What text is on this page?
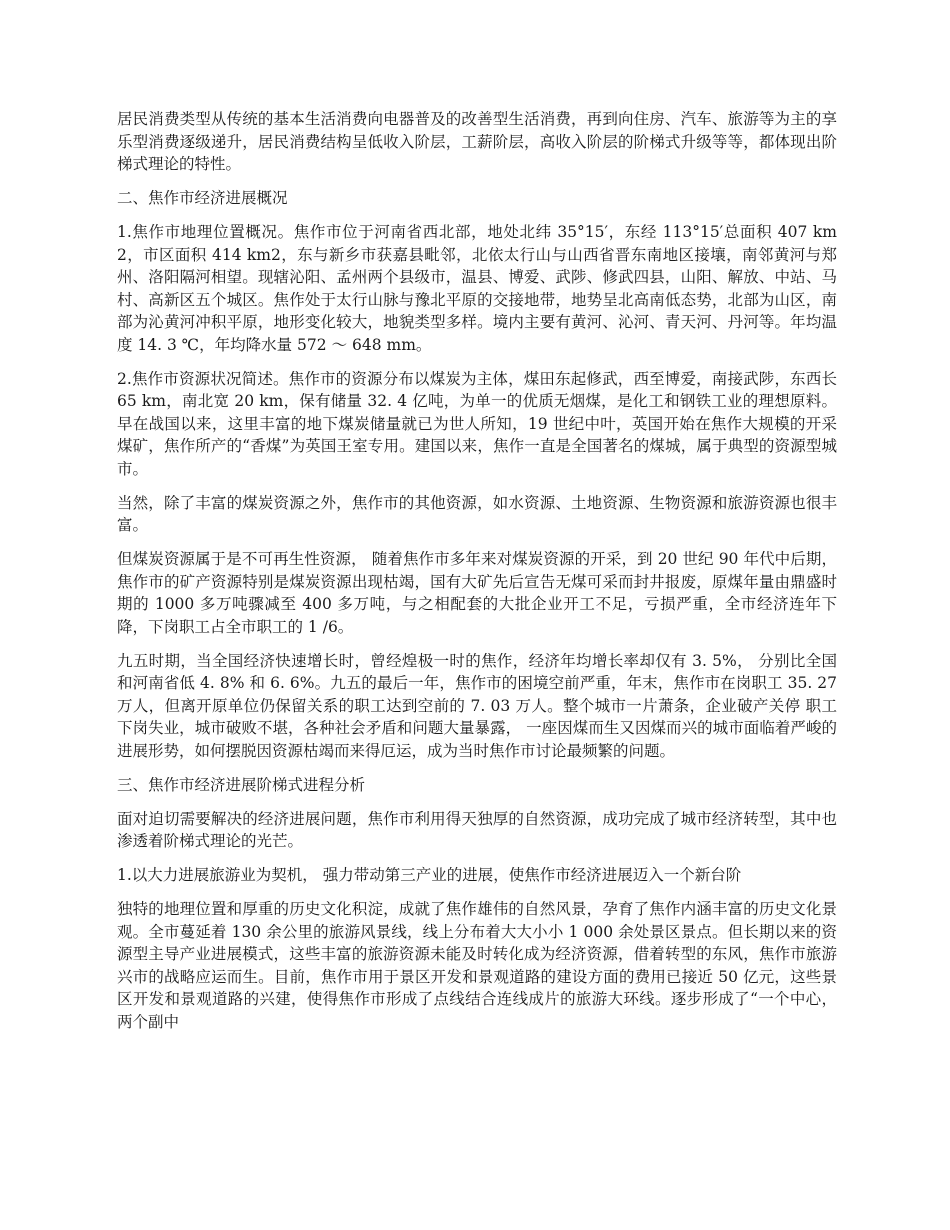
居民消费类型从传统的基本生活消费向电器普及的改善型生活消费，再到向住房、汽车、旅游等为主的享乐型消费逐级递升，居民消费结构呈低收入阶层，工薪阶层，高收入阶层的阶梯式升级等等，都体现出阶梯式理论的特性。

二、焦作市经济进展概况

1.焦作市地理位置概况。焦作市位于河南省西北部，地处北纬 35°15′，东经 113°15′总面积 407 km2，市区面积 414 km2，东与新乡市获嘉县毗邻，北依太行山与山西省晋东南地区接壤，南邻黄河与郑州、洛阳隔河相望。现辖沁阳、孟州两个县级市，温县、博爱、武陟、修武四县，山阳、解放、中站、马村、高新区五个城区。焦作处于太行山脉与豫北平原的交接地带，地势呈北高南低态势，北部为山区，南部为沁黄河冲积平原，地形变化较大，地貌类型多样。境内主要有黄河、沁河、青天河、丹河等。年均温度 14. 3 ℃，年均降水量 572 ～ 648 mm。

2.焦作市资源状况简述。焦作市的资源分布以煤炭为主体，煤田东起修武，西至博爱，南接武陟，东西长 65 km，南北宽 20 km，保有储量 32. 4 亿吨，为单一的优质无烟煤，是化工和钢铁工业的理想原料。早在战国以来，这里丰富的地下煤炭储量就已为世人所知，19 世纪中叶，英国开始在焦作大规模的开采煤矿，焦作所产的“香煤”为英国王室专用。建国以来，焦作一直是全国著名的煤城，属于典型的资源型城市。

当然，除了丰富的煤炭资源之外，焦作市的其他资源，如水资源、土地资源、生物资源和旅游资源也很丰富。

但煤炭资源属于是不可再生性资源， 随着焦作市多年来对煤炭资源的开采，到 20 世纪 90 年代中后期，焦作市的矿产资源特别是煤炭资源出现枯竭，国有大矿先后宣告无煤可采而封井报废，原煤年量由鼎盛时期的 1000 多万吨骤减至 400 多万吨，与之相配套的大批企业开工不足，亏损严重，全市经济连年下降，下岗职工占全市职工的 1 /6。

九五时期，当全国经济快速增长时，曾经煌极一时的焦作，经济年均增长率却仅有 3. 5%， 分别比全国和河南省低 4. 8% 和 6. 6%。九五的最后一年，焦作市的困境空前严重，年末，焦作市在岗职工 35. 27 万人，但离开原单位仍保留关系的职工达到空前的 7. 03 万人。整个城市一片萧条，企业破产关停 职工下岗失业，城市破败不堪，各种社会矛盾和问题大量暴露， 一座因煤而生又因煤而兴的城市面临着严峻的进展形势，如何摆脱因资源枯竭而来得厄运，成为当时焦作市讨论最频繁的问题。

三、焦作市经济进展阶梯式进程分析

面对迫切需要解决的经济进展问题，焦作市利用得天独厚的自然资源，成功完成了城市经济转型，其中也渗透着阶梯式理论的光芒。

1.以大力进展旅游业为契机， 强力带动第三产业的进展，使焦作市经济进展迈入一个新台阶

独特的地理位置和厚重的历史文化积淀，成就了焦作雄伟的自然风景，孕育了焦作内涵丰富的历史文化景观。全市蔓延着 130 余公里的旅游风景线，线上分布着大大小小 1 000 余处景区景点。但长期以来的资源型主导产业进展模式，这些丰富的旅游资源未能及时转化成为经济资源，借着转型的东风，焦作市旅游兴市的战略应运而生。目前，焦作市用于景区开发和景观道路的建设方面的费用已接近 50 亿元，这些景区开发和景观道路的兴建，使得焦作市形成了点线结合连线成片的旅游大环线。逐步形成了“一个中心，两个副中
